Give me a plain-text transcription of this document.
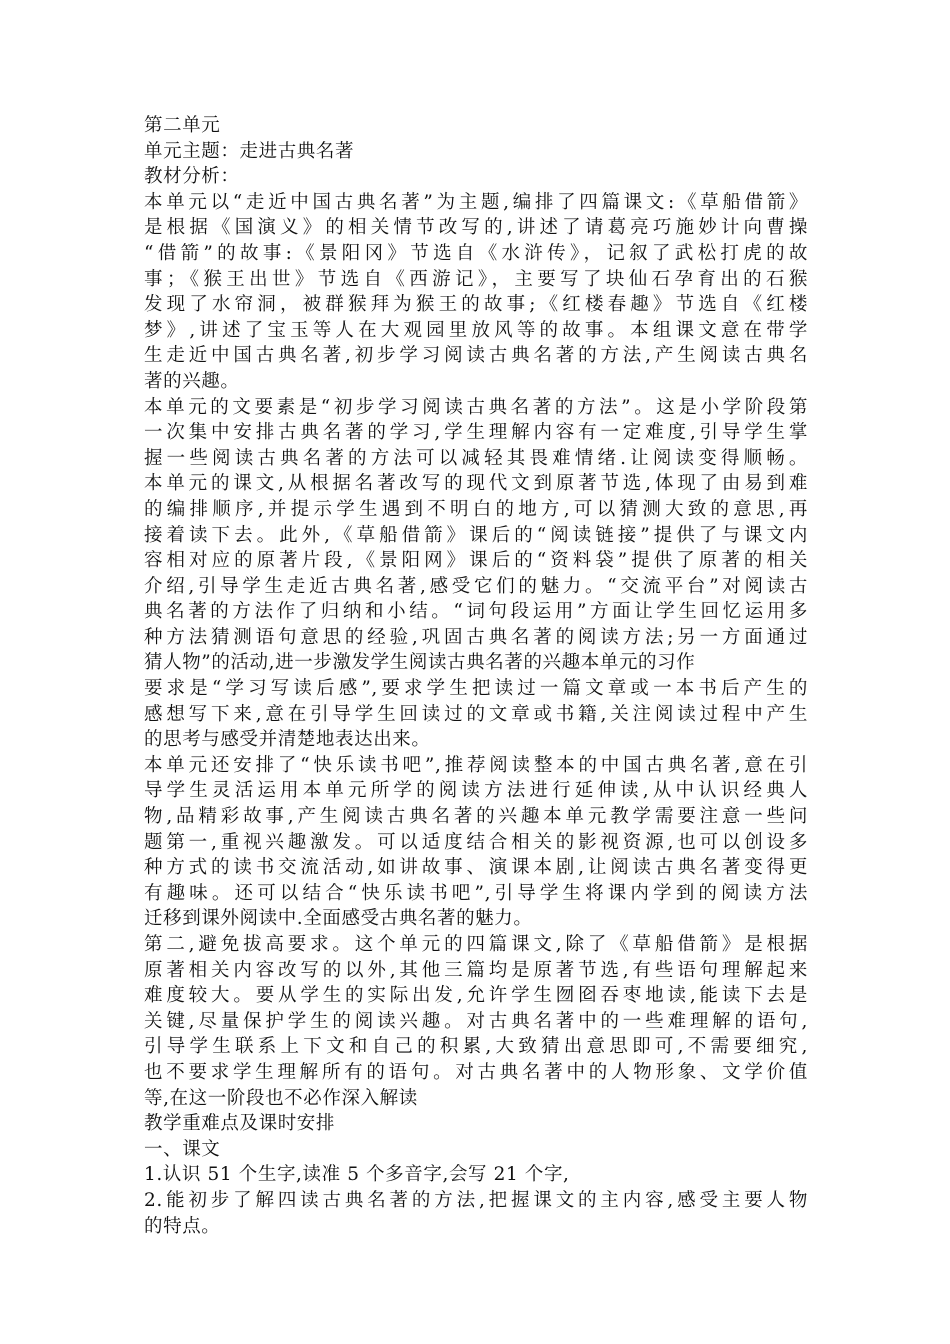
第二单元
单元主题：走进古典名著
教材分析：
本单元以“走近中国古典名著”为主题,编排了四篇课文:《草船借箭》
是根据《国演义》的相关情节改写的,讲述了请葛亮巧施妙计向曹操
“借箭”的故事:《景阳冈》节选自《水浒传》，记叙了武松打虎的故
事；《猴王出世》节选自《西游记》，主要写了块仙石孕育出的石猴
发现了水帘洞，被群猴拜为猴王的故事;《红楼春趣》节选自《红楼
梦》,讲述了宝玉等人在大观园里放风等的故事。本组课文意在带学
生走近中国古典名著,初步学习阅读古典名著的方法,产生阅读古典名
著的兴趣。
本单元的文要素是“初步学习阅读古典名著的方法”。这是小学阶段第
一次集中安排古典名著的学习,学生理解内容有一定难度,引导学生掌
握一些阅读古典名著的方法可以减轻其畏难情绪.让阅读变得顺畅。
本单元的课文,从根据名著改写的现代文到原著节选,体现了由易到难
的编排顺序,并提示学生遇到不明白的地方,可以猜测大致的意思,再
接着读下去。此外,《草船借箭》课后的“阅读链接”提供了与课文内
容相对应的原著片段,《景阳网》课后的“资料袋”提供了原著的相关
介绍,引导学生走近古典名著,感受它们的魅力。“交流平台”对阅读古
典名著的方法作了归纳和小结。“词句段运用”方面让学生回忆运用多
种方法猜测语句意思的经验,巩固古典名著的阅读方法;另一方面通过
猜人物”的活动,进一步激发学生阅读古典名著的兴趣本单元的习作
要求是“学习写读后感”,要求学生把读过一篇文章或一本书后产生的
感想写下来,意在引导学生回读过的文章或书籍,关注阅读过程中产生
的思考与感受并清楚地表达出来。
本单元还安排了“快乐读书吧”,推荐阅读整本的中国古典名著,意在引
导学生灵活运用本单元所学的阅读方法进行延伸读,从中认识经典人
物,品精彩故事,产生阅读古典名著的兴趣本单元教学需要注意一些问
题第一,重视兴趣激发。可以适度结合相关的影视资源,也可以创设多
种方式的读书交流活动,如讲故事、演课本剧,让阅读古典名著变得更
有趣味。还可以结合“快乐读书吧”,引导学生将课内学到的阅读方法
迁移到课外阅读中.全面感受古典名著的魅力。
第二,避免拔高要求。这个单元的四篇课文,除了《草船借箭》是根据
原著相关内容改写的以外,其他三篇均是原著节选,有些语句理解起来
难度较大。要从学生的实际出发,允许学生囫囵吞枣地读,能读下去是
关键,尽量保护学生的阅读兴趣。对古典名著中的一些难理解的语句,
引导学生联系上下文和自己的积累,大致猜出意思即可,不需要细究,
也不要求学生理解所有的语句。对古典名著中的人物形象、文学价值
等,在这一阶段也不必作深入解读
教学重难点及课时安排
一、课文
1.认识 51 个生字,读准 5 个多音字,会写 21 个字,
2.能初步了解四读古典名著的方法,把握课文的主内容,感受主要人物
的特点。
